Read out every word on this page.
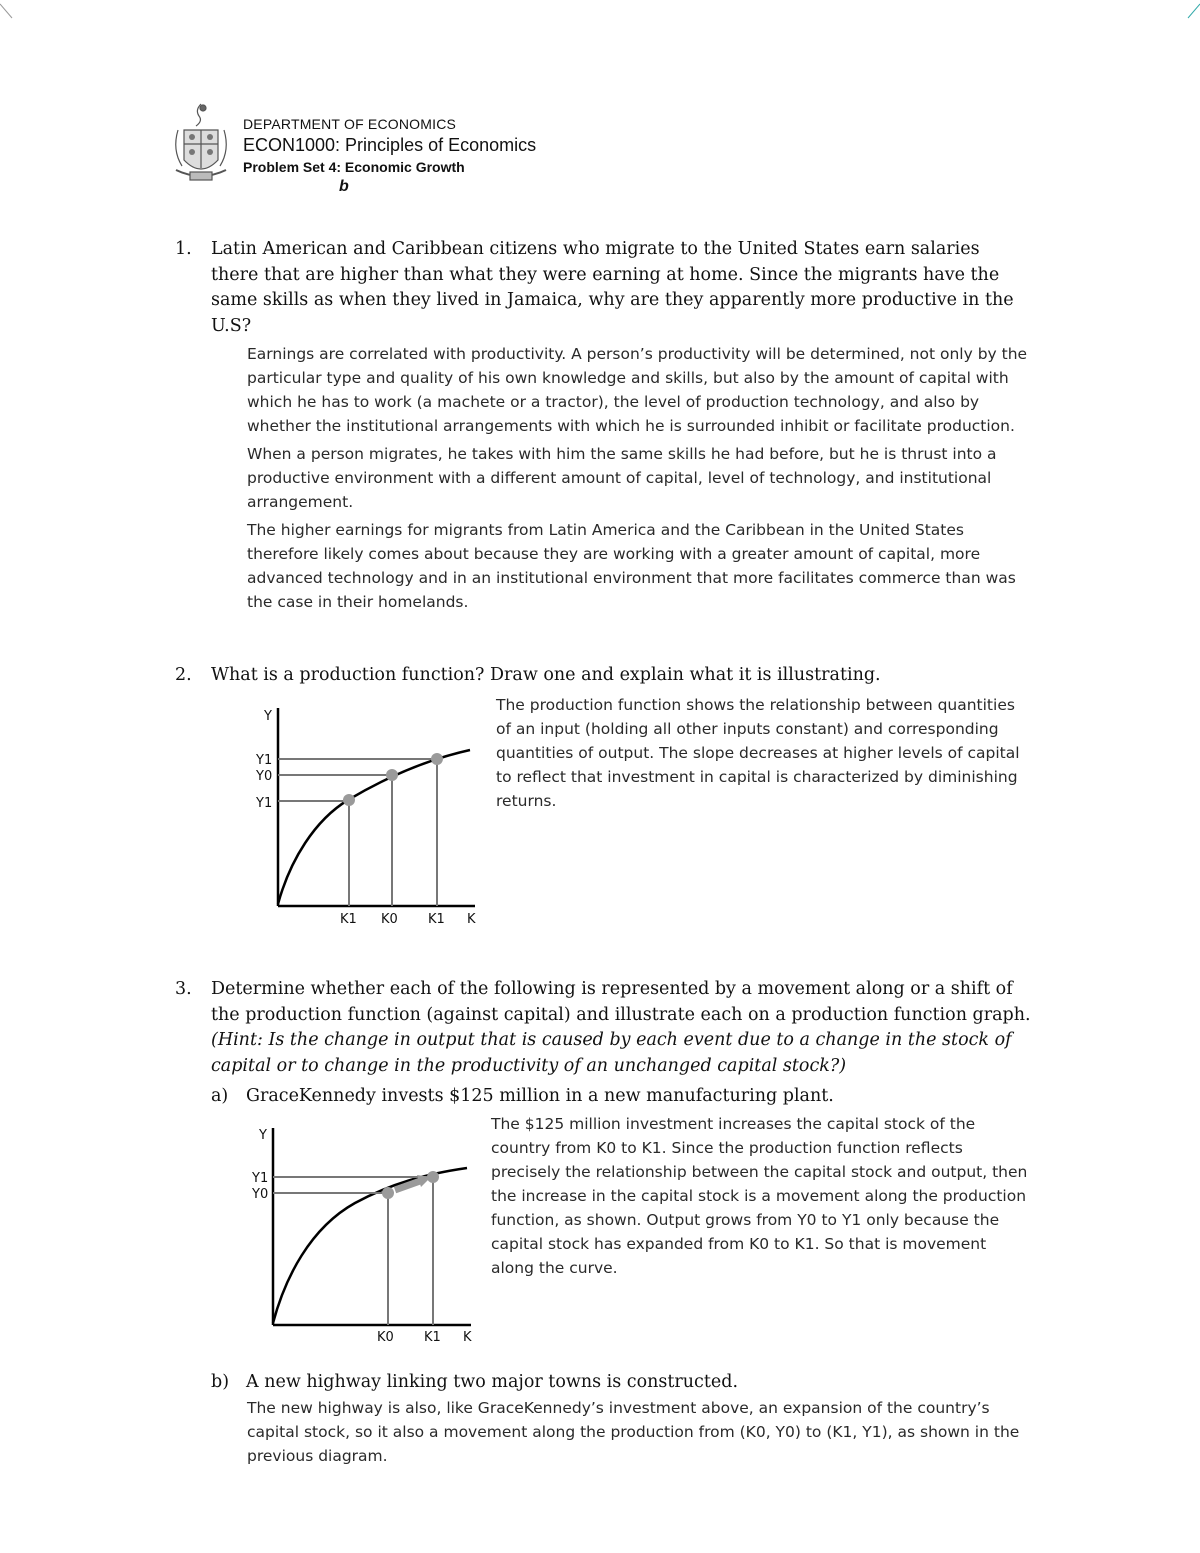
DEPARTMENT OF ECONOMICS
ECON1000: Principles of Economics
Problem Set 4: Economic Growth
b
1. Latin American and Caribbean citizens who migrate to the United States earn salaries there that are higher than what they were earning at home. Since the migrants have the same skills as when they lived in Jamaica, why are they apparently more productive in the U.S?

Earnings are correlated with productivity. A person’s productivity will be determined, not only by the particular type and quality of his own knowledge and skills, but also by the amount of capital with which he has to work (a machete or a tractor), the level of production technology, and also by whether the institutional arrangements with which he is surrounded inhibit or facilitate production.

When a person migrates, he takes with him the same skills he had before, but he is thrust into a productive environment with a different amount of capital, level of technology, and institutional arrangement.

The higher earnings for migrants from Latin America and the Caribbean in the United States therefore likely comes about because they are working with a greater amount of capital, more advanced technology and in an institutional environment that more facilitates commerce than was the case in their homelands.

2. What is a production function? Draw one and explain what it is illustrating.
Y
Y1
Y0
Y1
K1 K0 K1 K
The production function shows the relationship between quantities of an input (holding all other inputs constant) and corresponding quantities of output. The slope decreases at higher levels of capital to reflect that investment in capital is characterized by diminishing returns.
3. Determine whether each of the following is represented by a movement along or a shift of the production function (against capital) and illustrate each on a production function graph. (Hint: Is the change in output that is caused by each event due to a change in the stock of capital or to change in the productivity of an unchanged capital stock?)
a) GraceKennedy invests $125 million in a new manufacturing plant.
Y
Y1
Y0
K0 K1 K
The $125 million investment increases the capital stock of the country from K0 to K1. Since the production function reflects precisely the relationship between the capital stock and output, then the increase in the capital stock is a movement along the production function, as shown. Output grows from Y0 to Y1 only because the capital stock has expanded from K0 to K1. So that is movement along the curve.
b) A new highway linking two major towns is constructed.
The new highway is also, like GraceKennedy’s investment above, an expansion of the country’s capital stock, so it also a movement along the production from (K0, Y0) to (K1, Y1), as shown in the previous diagram.
